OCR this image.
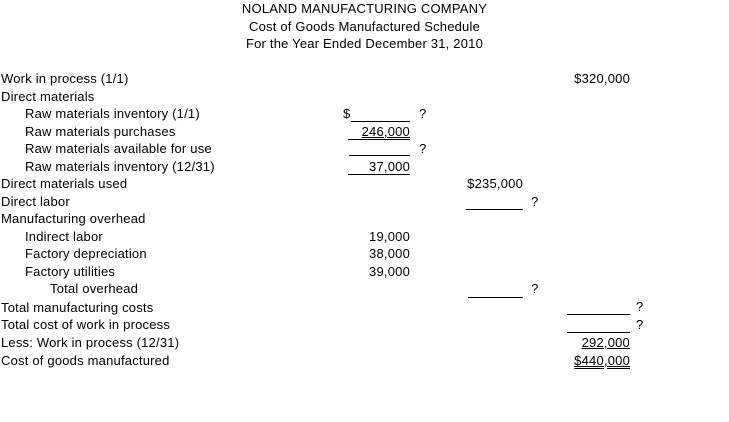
NOLAND MANUFACTURING COMPANY
Cost of Goods Manufactured Schedule
For the Year Ended December 31, 2010
Work in process (1/1)	$320,000
Direct materials
Raw materials inventory (1/1)	$	?
Raw materials purchases	246,000
Raw materials available for use	?
Raw materials inventory (12/31)	37,000
Direct materials used	$235,000
Direct labor	?
Manufacturing overhead
Indirect labor	19,000
Factory depreciation	38,000
Factory utilities	39,000
Total overhead	?
Total manufacturing costs	?
Total cost of work in process	?
Less: Work in process (12/31)	292,000
Cost of goods manufactured	$440,000
